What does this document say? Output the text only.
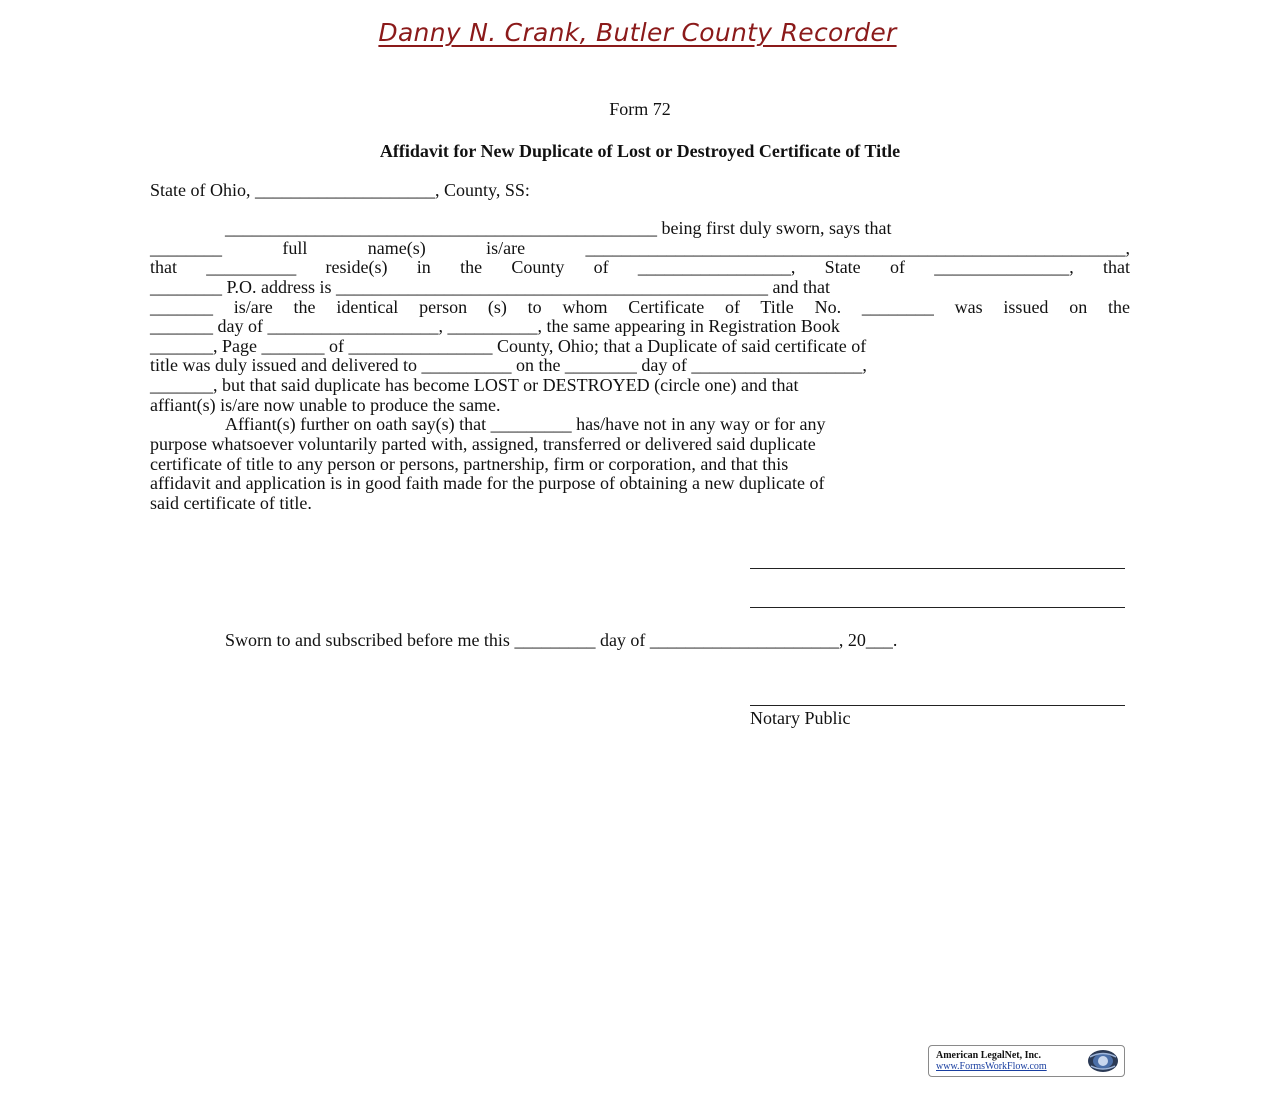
Danny N. Crank, Butler County Recorder
Form 72
Affidavit for New Duplicate of Lost or Destroyed Certificate of Title
State of Ohio, ____________________, County, SS:
________________________________________________ being first duly sworn, says that
________ full name(s) is/are ____________________________________________________________,
that __________ reside(s) in the County of _________________, State of _______________, that
________ P.O. address is ________________________________________________ and that
_______ is/are the identical person (s) to whom Certificate of Title No. ________ was issued on the
_______ day of ___________________, __________, the same appearing in Registration Book
_______, Page _______ of ________________ County, Ohio; that a Duplicate of said certificate of
title was duly issued and delivered to __________ on the ________ day of ___________________,
_______, but that said duplicate has become LOST or DESTROYED (circle one) and that
affiant(s) is/are now unable to produce the same.
Affiant(s) further on oath say(s) that _________ has/have not in any way or for any
purpose whatsoever voluntarily parted with, assigned, transferred or delivered said duplicate
certificate of title to any person or persons, partnership, firm or corporation, and that this
affidavit and application is in good faith made for the purpose of obtaining a new duplicate of
said certificate of title.
Sworn to and subscribed before me this _________ day of _____________________, 20___.
Notary Public
American LegalNet, Inc.
www.FormsWorkFlow.com
